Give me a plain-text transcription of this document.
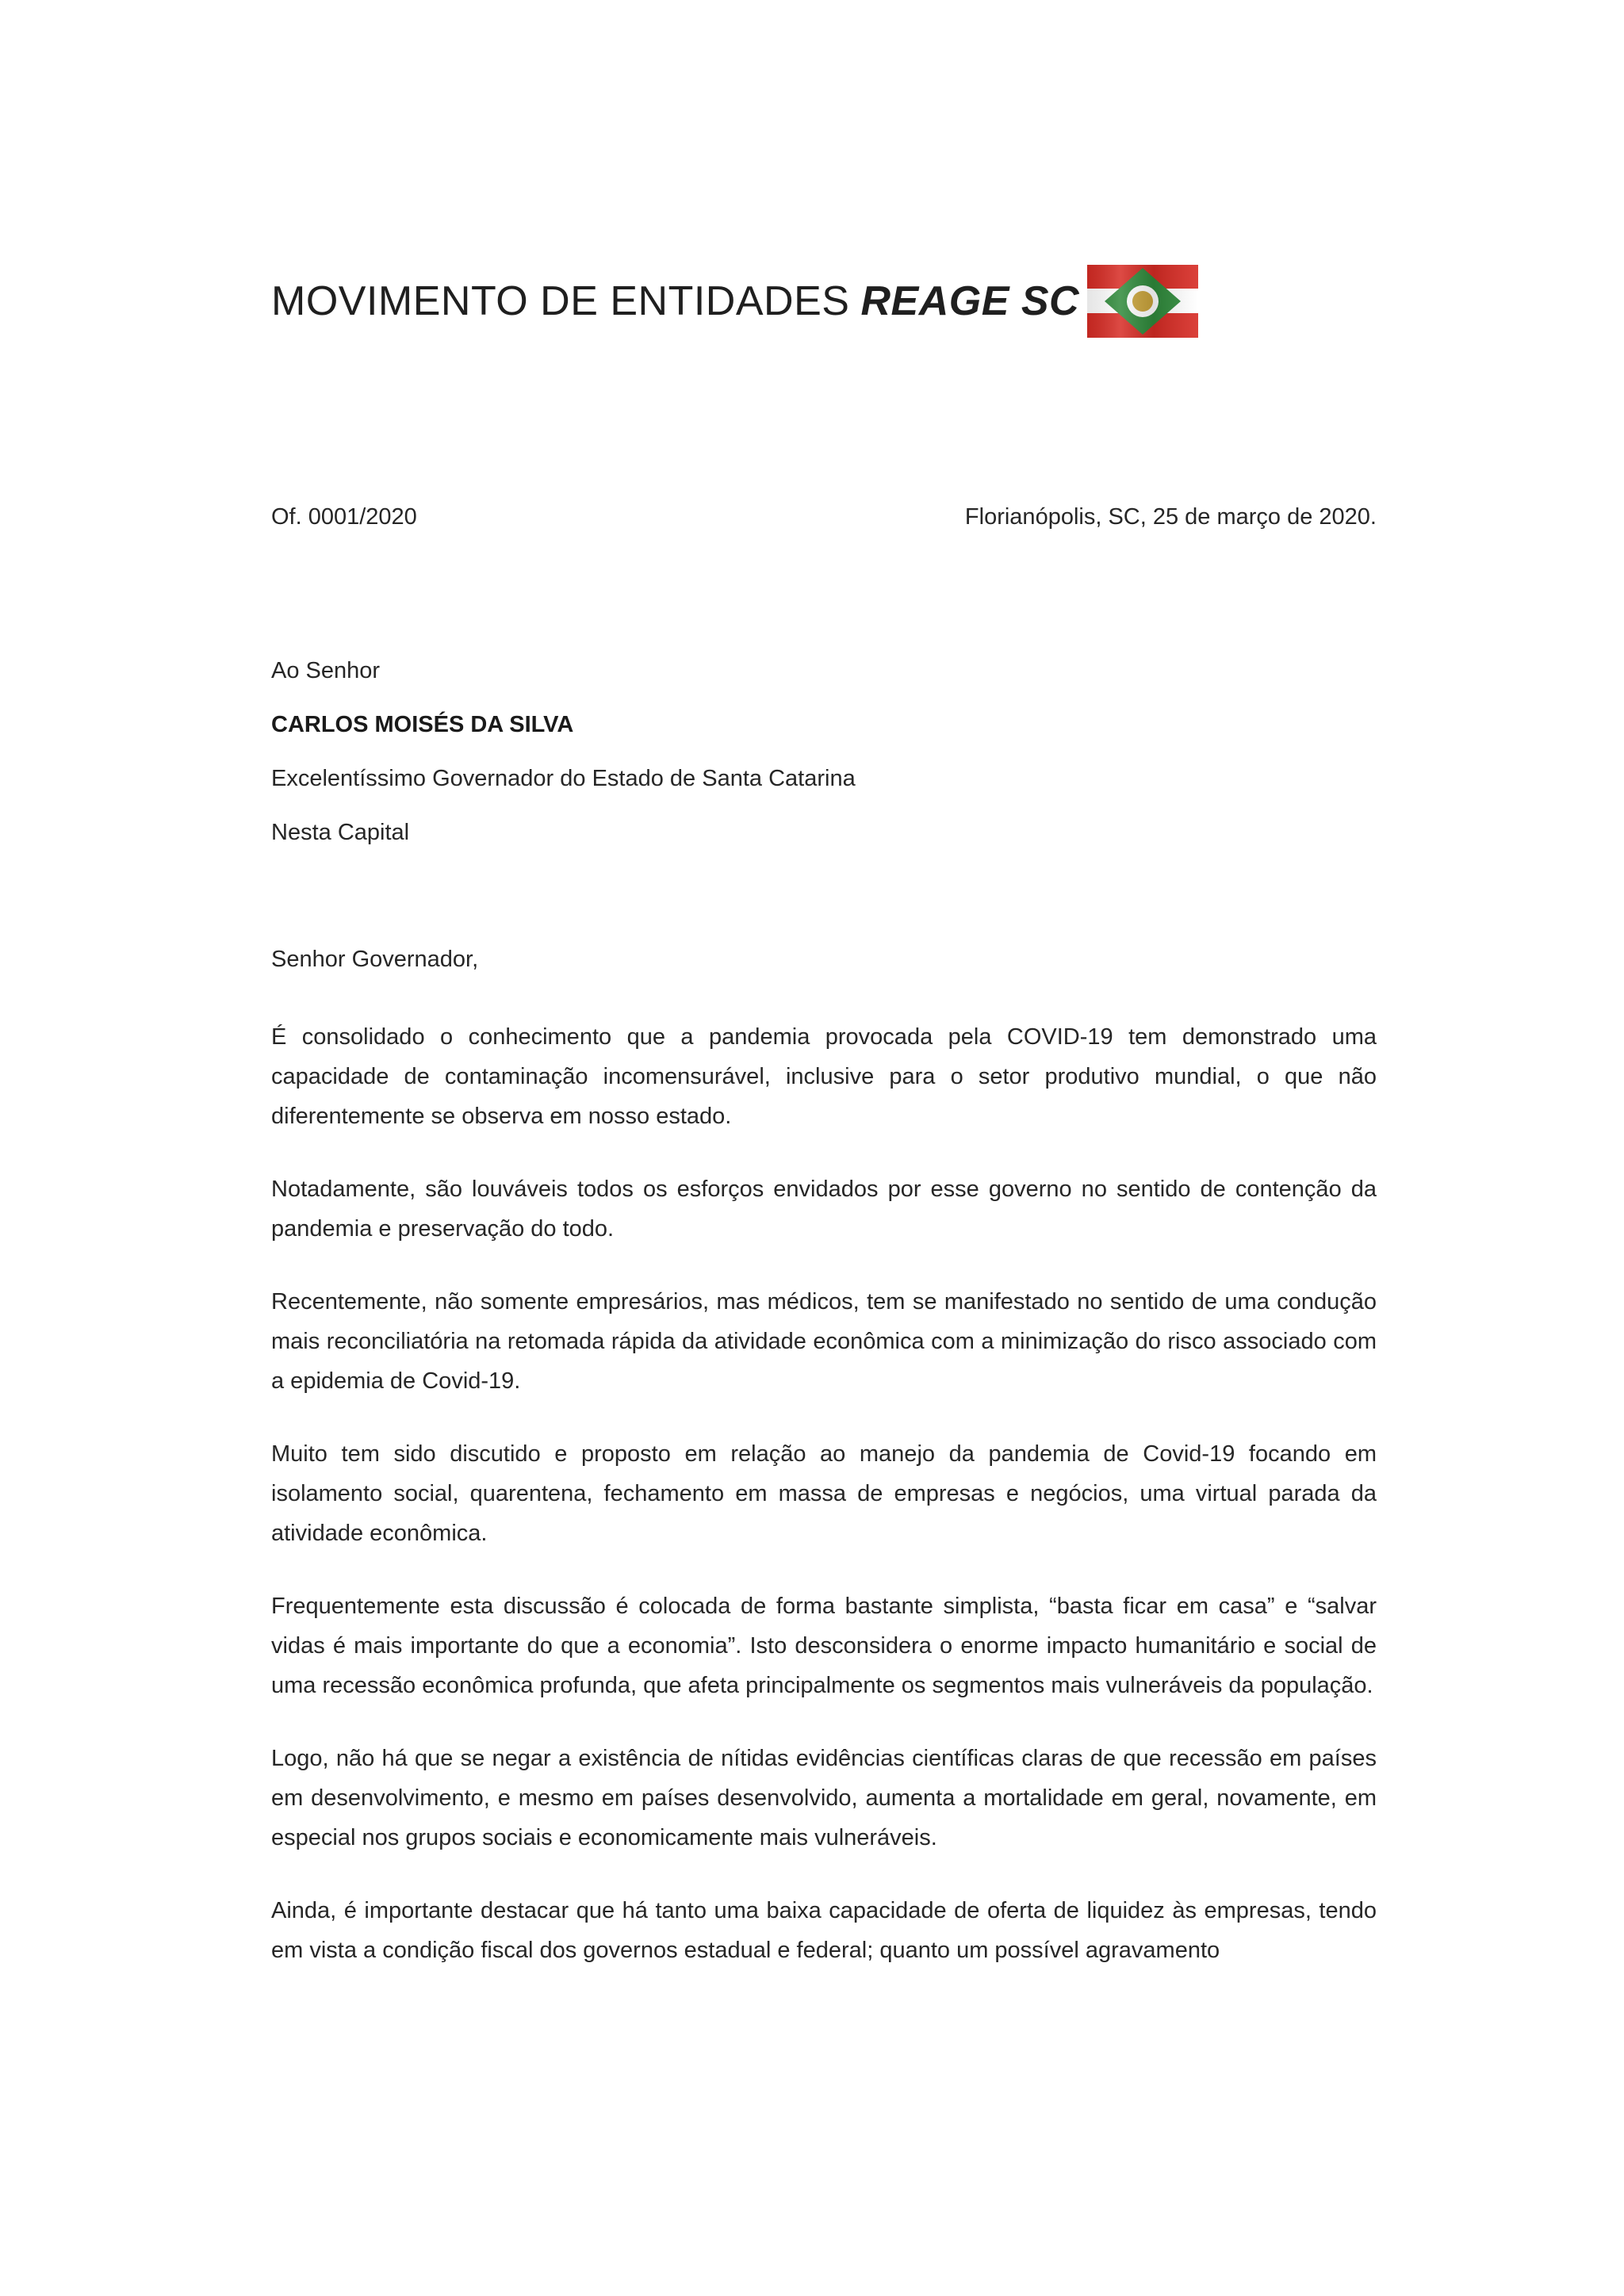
MOVIMENTO DE ENTIDADES REAGE SC
Of. 0001/2020	Florianópolis, SC, 25 de março de 2020.
Ao Senhor
CARLOS MOISÉS DA SILVA
Excelentíssimo Governador do Estado de Santa Catarina
Nesta Capital
Senhor Governador,

É consolidado o conhecimento que a pandemia provocada pela COVID-19 tem demonstrado uma capacidade de contaminação incomensurável, inclusive para o setor produtivo mundial, o que não diferentemente se observa em nosso estado.

Notadamente, são louváveis todos os esforços envidados por esse governo no sentido de contenção da pandemia e preservação do todo.

Recentemente, não somente empresários, mas médicos, tem se manifestado no sentido de uma condução mais reconciliatória na retomada rápida da atividade econômica com a minimização do risco associado com a epidemia de Covid-19.

Muito tem sido discutido e proposto em relação ao manejo da pandemia de Covid-19 focando em isolamento social, quarentena, fechamento em massa de empresas e negócios, uma virtual parada da atividade econômica.

Frequentemente esta discussão é colocada de forma bastante simplista, “basta ficar em casa” e “salvar vidas é mais importante do que a economia”. Isto desconsidera o enorme impacto humanitário e social de uma recessão econômica profunda, que afeta principalmente os segmentos mais vulneráveis da população.

Logo, não há que se negar a existência de nítidas evidências científicas claras de que recessão em países em desenvolvimento, e mesmo em países desenvolvido, aumenta a mortalidade em geral, novamente, em especial nos grupos sociais e economicamente mais vulneráveis.

Ainda, é importante destacar que há tanto uma baixa capacidade de oferta de liquidez às empresas, tendo em vista a condição fiscal dos governos estadual e federal; quanto um possível agravamento
